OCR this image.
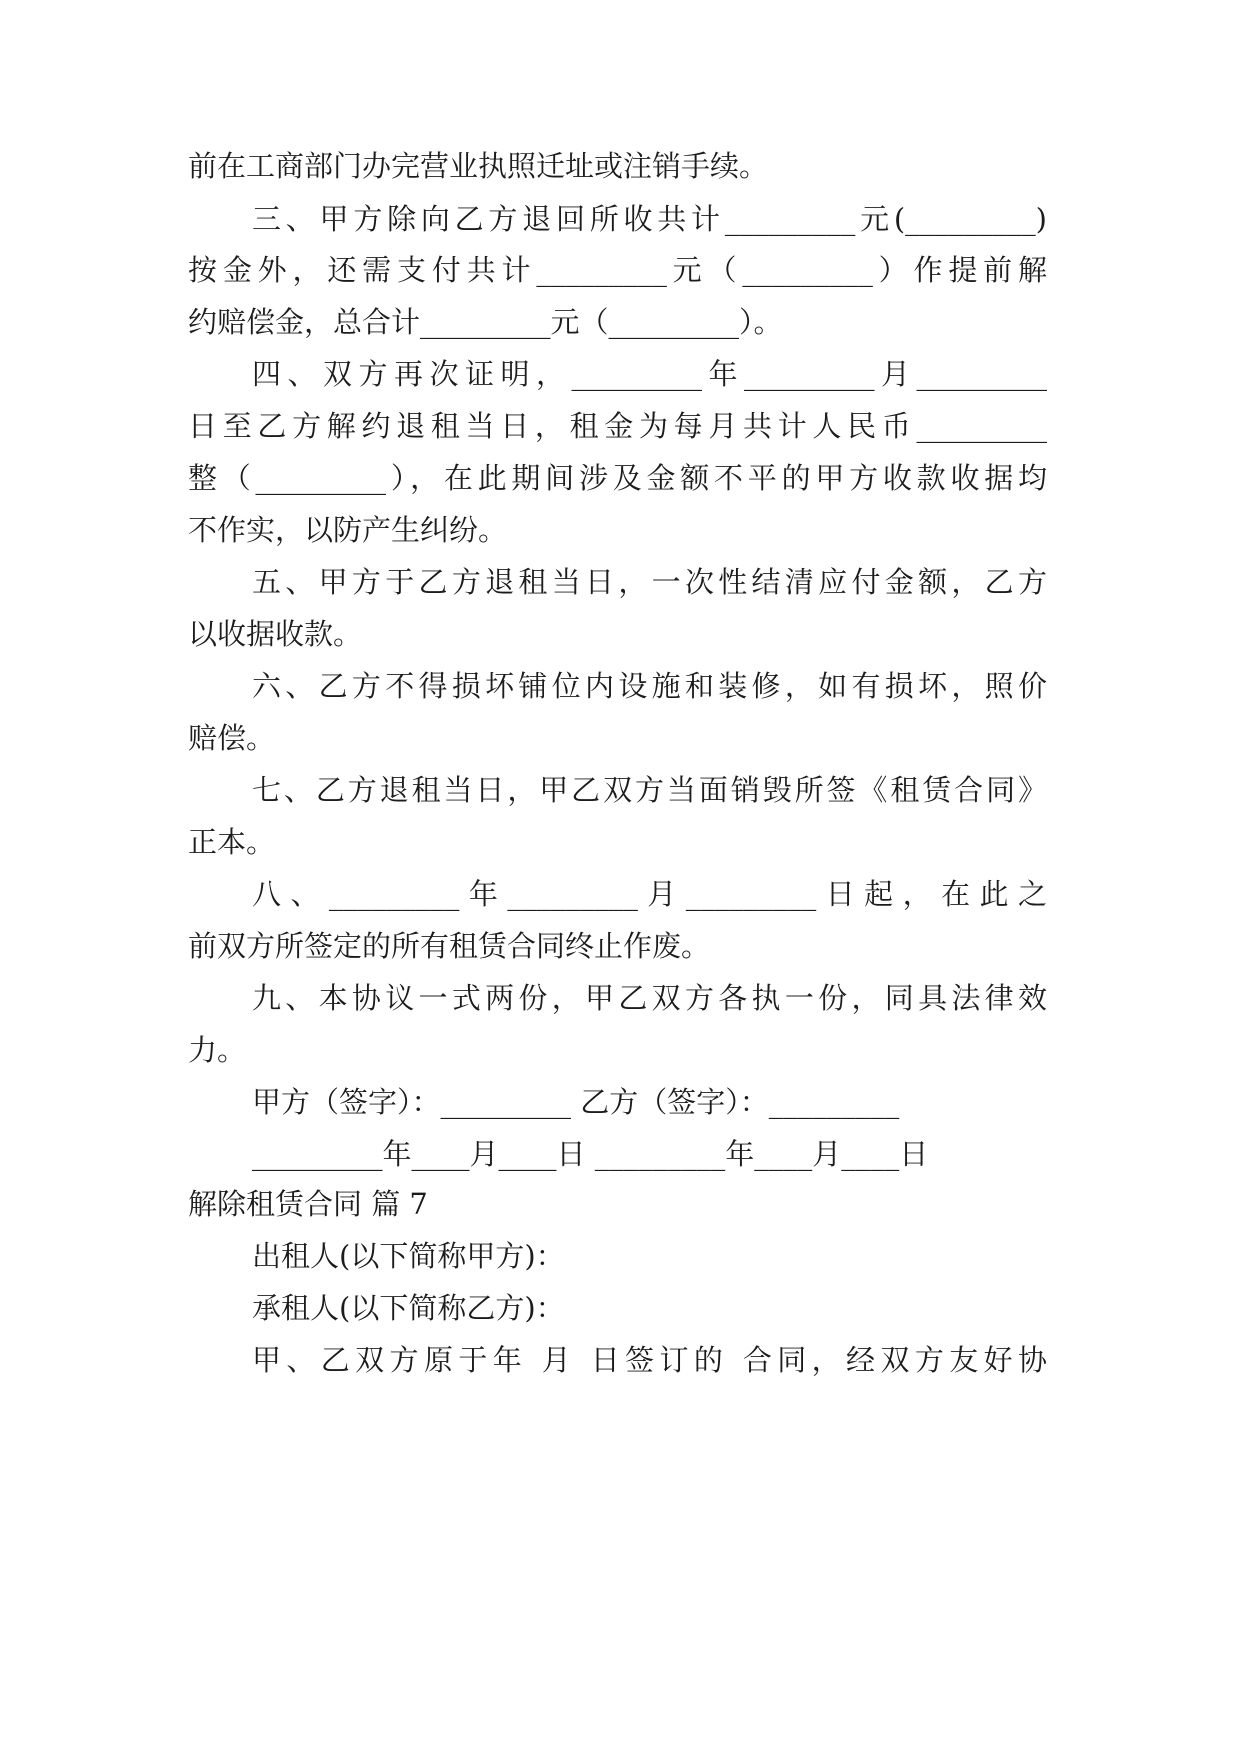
前在工商部门办完营业执照迁址或注销手续。
三、甲方除向乙方退回所收共计_________元(_________)
按金外，还需支付共计_________元（_________）作提前解
约赔偿金，总合计_________元（_________）。
四、双方再次证明，_________年_________月_________
日至乙方解约退租当日，租金为每月共计人民币_________
整（_________），在此期间涉及金额不平的甲方收款收据均
不作实，以防产生纠纷。
五、甲方于乙方退租当日，一次性结清应付金额，乙方
以收据收款。
六、乙方不得损坏铺位内设施和装修，如有损坏，照价
赔偿。
七、乙方退租当日，甲乙双方当面销毁所签《租赁合同》
正本。
八、_________年_________月_________日起，在此之
前双方所签定的所有租赁合同终止作废。
九、本协议一式两份，甲乙双方各执一份，同具法律效
力。
甲方（签字）：_________ 乙方（签字）：_________
_________年____月____日 _________年____月____日
解除租赁合同 篇 7
出租人(以下简称甲方)：
承租人(以下简称乙方)：
甲、乙双方原于年 月 日签订的 合同，经双方友好协
